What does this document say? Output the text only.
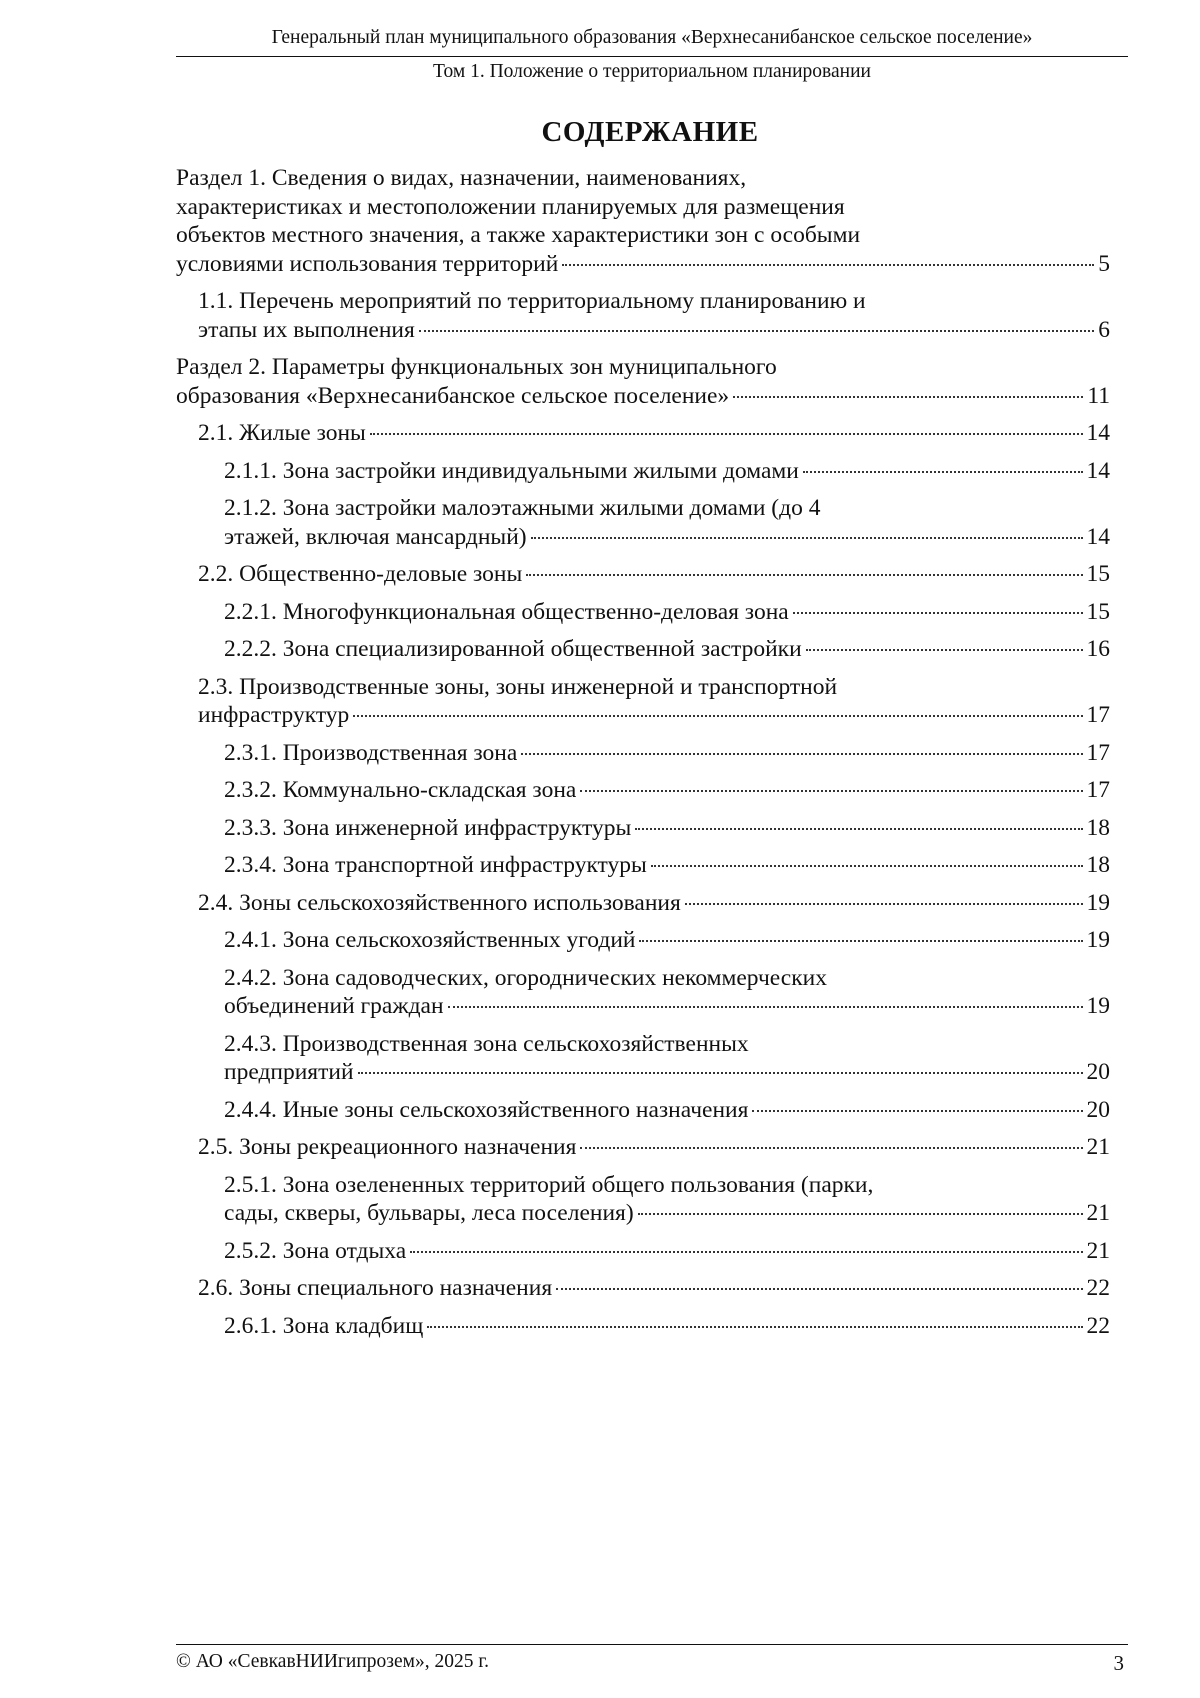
Генеральный план муниципального образования «Верхнесанибанское сельское поселение»
Том 1. Положение о территориальном планировании
СОДЕРЖАНИЕ
Раздел 1. Сведения о видах, назначении, наименованиях,
характеристиках и местоположении планируемых для размещения
объектов местного значения, а также характеристики зон с особыми
условиями использования территорий	5
1.1. Перечень мероприятий по территориальному планированию и
этапы их выполнения	6
Раздел 2. Параметры функциональных зон муниципального
образования «Верхнесанибанское сельское поселение»	11
2.1. Жилые зоны	14
2.1.1. Зона застройки индивидуальными жилыми домами	14
2.1.2. Зона застройки малоэтажными жилыми домами (до 4
этажей, включая мансардный)	14
2.2. Общественно-деловые зоны	15
2.2.1. Многофункциональная общественно-деловая зона	15
2.2.2. Зона специализированной общественной застройки	16
2.3. Производственные зоны, зоны инженерной и транспортной
инфраструктур	17
2.3.1. Производственная зона	17
2.3.2. Коммунально-складская зона	17
2.3.3. Зона инженерной инфраструктуры	18
2.3.4. Зона транспортной инфраструктуры	18
2.4. Зоны сельскохозяйственного использования	19
2.4.1. Зона сельскохозяйственных угодий	19
2.4.2. Зона садоводческих, огороднических некоммерческих
объединений граждан	19
2.4.3. Производственная зона сельскохозяйственных
предприятий	20
2.4.4. Иные зоны сельскохозяйственного назначения	20
2.5. Зоны рекреационного назначения	21
2.5.1. Зона озелененных территорий общего пользования (парки,
сады, скверы, бульвары, леса поселения)	21
2.5.2. Зона отдыха	21
2.6. Зоны специального назначения	22
2.6.1. Зона кладбищ	22
© АО «СевкавНИИгипрозем», 2025 г.	3
